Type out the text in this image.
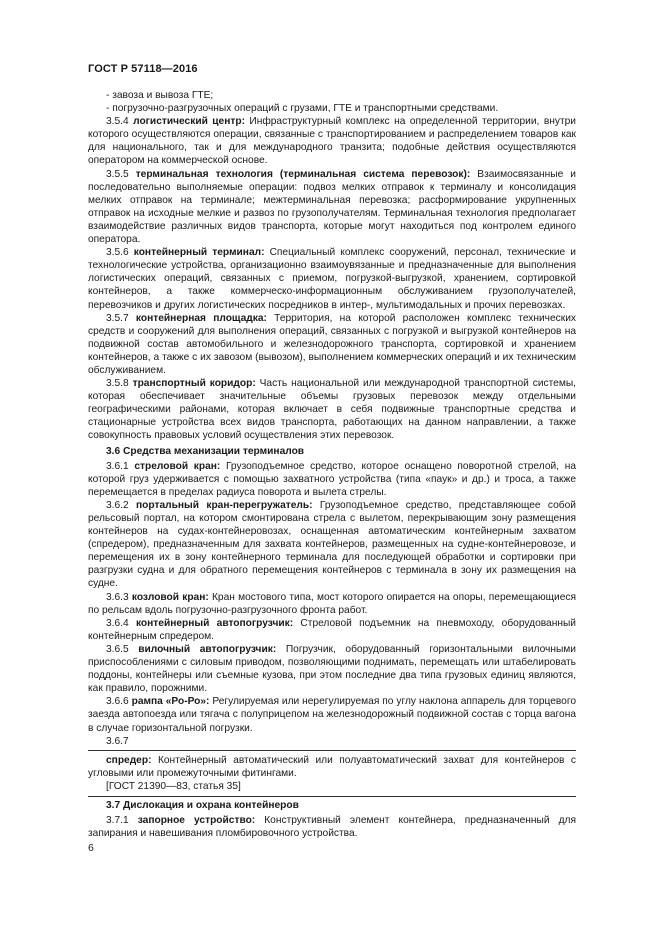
ГОСТ Р 57118—2016

- завоза и вывоза ГТЕ;

- погрузочно-разгрузочных операций с грузами, ГТЕ и транспортными средствами.

3.5.4 логистический центр: Инфраструктурный комплекс на определенной территории, внутри которого осуществляются операции, связанные с транспортированием и распределением товаров как для национального, так и для международного транзита; подобные действия осуществляются оператором на коммерческой основе.

3.5.5 терминальная технология (терминальная система перевозок): Взаимосвязанные и последовательно выполняемые операции: подвоз мелких отправок к терминалу и консолидация мелких отправок на терминале; межтерминальная перевозка; расформирование укрупненных отправок на исходные мелкие и развоз по грузополучателям. Терминальная технология предполагает взаимодействие различных видов транспорта, которые могут находиться под контролем единого оператора.

3.5.6 контейнерный терминал: Специальный комплекс сооружений, персонал, технические и технологические устройства, организационно взаимоувязанные и предназначенные для выполнения логистических операций, связанных с приемом, погрузкой-выгрузкой, хранением, сортировкой контейнеров, а также коммерческо-информационным обслуживанием грузополучателей, перевозчиков и других логистических посредников в интер-, мультимодальных и прочих перевозках.

3.5.7 контейнерная площадка: Территория, на которой расположен комплекс технических средств и сооружений для выполнения операций, связанных с погрузкой и выгрузкой контейнеров на подвижной состав автомобильного и железнодорожного транспорта, сортировкой и хранением контейнеров, а также с их завозом (вывозом), выполнением коммерческих операций и их техническим обслуживанием.

3.5.8 транспортный коридор: Часть национальной или международной транспортной системы, которая обеспечивает значительные объемы грузовых перевозок между отдельными географическими районами, которая включает в себя подвижные транспортные средства и стационарные устройства всех видов транспорта, работающих на данном направлении, а также совокупность правовых условий осуществления этих перевозок.

3.6 Средства механизации терминалов

3.6.1 стреловой кран: Грузоподъемное средство, которое оснащено поворотной стрелой, на которой груз удерживается с помощью захватного устройства (типа «паук» и др.) и троса, а также перемещается в пределах радиуса поворота и вылета стрелы.

3.6.2 портальный кран-перегружатель: Грузоподъемное средство, представляющее собой рельсовый портал, на котором смонтирована стрела с вылетом, перекрывающим зону размещения контейнеров на судах-контейнеровозах, оснащенная автоматическим контейнерным захватом (спредером), предназначенным для захвата контейнеров, размещенных на судне-контейнеровозе, и перемещения их в зону контейнерного терминала для последующей обработки и сортировки при разгрузки судна и для обратного перемещения контейнеров с терминала в зону их размещения на судне.

3.6.3 козловой кран: Кран мостового типа, мост которого опирается на опоры, перемещающиеся по рельсам вдоль погрузочно-разгрузочного фронта работ.

3.6.4 контейнерный автопогрузчик: Стреловой подъемник на пневмоходу, оборудованный контейнерным спредером.

3.6.5 вилочный автопогрузчик: Погрузчик, оборудованный горизонтальными вилочными приспособлениями с силовым приводом, позволяющими поднимать, перемещать или штабелировать поддоны, контейнеры или съемные кузова, при этом последние два типа грузовых единиц являются, как правило, порожними.

3.6.6 рампа «Ро-Ро»: Регулируемая или нерегулируемая по углу наклона аппарель для торцевого заезда автопоезда или тягача с полуприцепом на железнодорожный подвижной состав с торца вагона в случае горизонтальной погрузки.

3.6.7

спредер: Контейнерный автоматический или полуавтоматический захват для контейнеров с угловыми или промежуточными фитингами.

[ГОСТ 21390—83, статья 35]

3.7 Дислокация и охрана контейнеров

3.7.1 запорное устройство: Конструктивный элемент контейнера, предназначенный для запирания и навешивания пломбировочного устройства.

6
